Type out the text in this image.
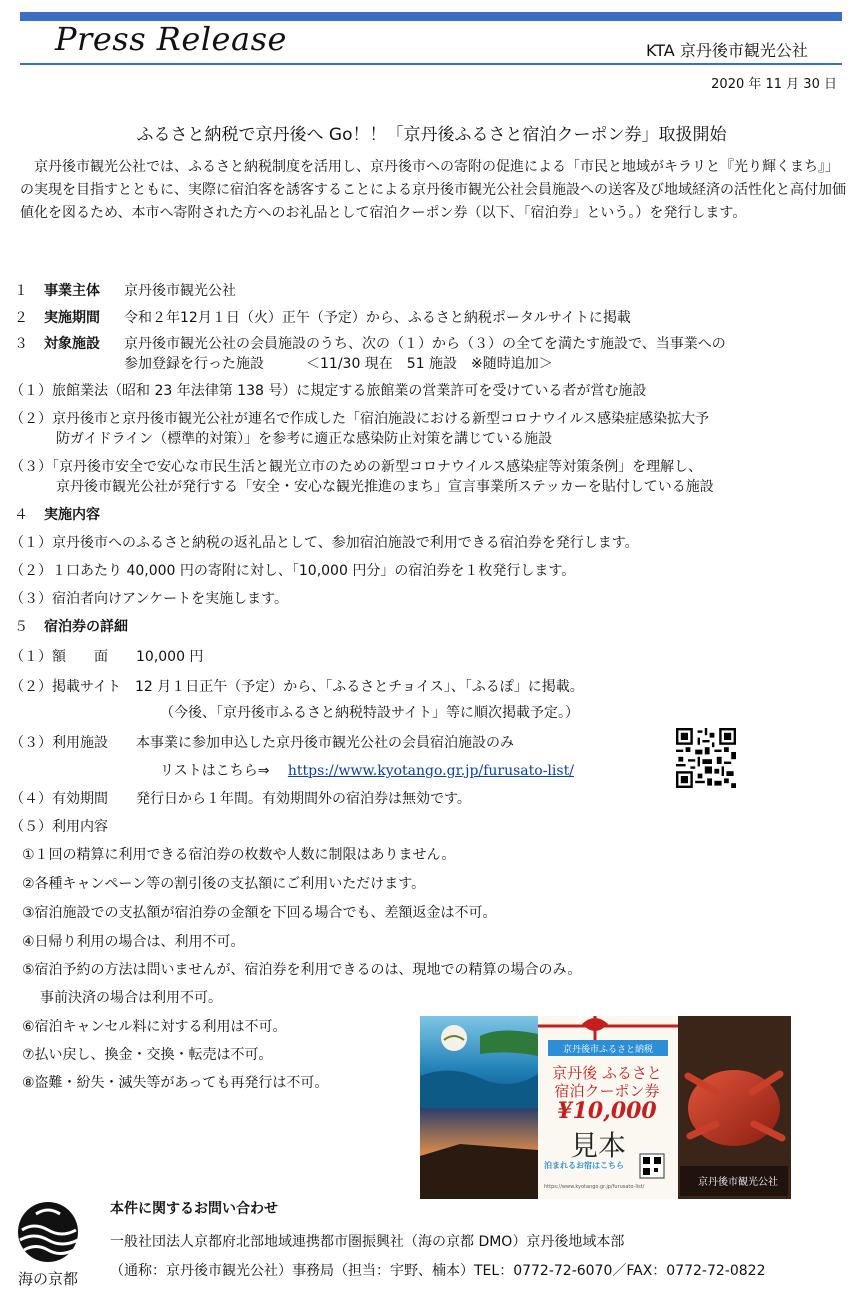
Press Release	KTA 京丹後市観光公社
2020 年 11 月 30 日
ふるさと納税で京丹後へ Go！！「京丹後ふるさと宿泊クーポン券」取扱開始
京丹後市観光公社では、ふるさと納税制度を活用し、京丹後市への寄附の促進による「市民と地域がキラリと『光り輝くまち』」の実現を目指すとともに、実際に宿泊客を誘客することによる京丹後市観光公社会員施設への送客及び地域経済の活性化と高付加価値化を図るため、本市へ寄附された方へのお礼品として宿泊クーポン券（以下、「宿泊券」という。）を発行します。
１ 事業主体 京丹後市観光公社
２ 実施期間 令和２年12月１日（火）正午（予定）から、ふるさと納税ポータルサイトに掲載
３ 対象施設 京丹後市観光公社の会員施設のうち、次の（１）から（３）の全てを満たす施設で、当事業への
参加登録を行った施設　　　＜11/30 現在　51 施設　※随時追加＞
（１）旅館業法（昭和 23 年法律第 138 号）に規定する旅館業の営業許可を受けている者が営む施設
（２）京丹後市と京丹後市観光公社が連名で作成した「宿泊施設における新型コロナウイルス感染症感染拡大予
防ガイドライン（標準的対策）」を参考に適正な感染防止対策を講じている施設
（３）「京丹後市安全で安心な市民生活と観光立市のための新型コロナウイルス感染症等対策条例」を理解し、
京丹後市観光公社が発行する「安全・安心な観光推進のまち」宣言事業所ステッカーを貼付している施設
４ 実施内容
（１）京丹後市へのふるさと納税の返礼品として、参加宿泊施設で利用できる宿泊券を発行します。
（２）１口あたり 40,000 円の寄附に対し、「10,000 円分」の宿泊券を１枚発行します。
（３）宿泊者向けアンケートを実施します。
５ 宿泊券の詳細
（１）額　　面　　10,000 円
（２）掲載サイト　12 月１日正午（予定）から、「ふるさとチョイス」、「ふるぽ」に掲載。
（今後、「京丹後市ふるさと納税特設サイト」等に順次掲載予定。）
（３）利用施設　　本事業に参加申込した京丹後市観光公社の会員宿泊施設のみ
リストはこちら⇒ https://www.kyotango.gr.jp/furusato-list/
（４）有効期間　　発行日から１年間。有効期間外の宿泊券は無効です。
（５）利用内容
①１回の精算に利用できる宿泊券の枚数や人数に制限はありません。
②各種キャンペーン等の割引後の支払額にご利用いただけます。
③宿泊施設での支払額が宿泊券の金額を下回る場合でも、差額返金は不可。
④日帰り利用の場合は、利用不可。
⑤宿泊予約の方法は問いませんが、宿泊券を利用できるのは、現地での精算の場合のみ。
事前決済の場合は利用不可。
⑥宿泊キャンセル料に対する利用は不可。
⑦払い戻し、換金・交換・転売は不可。
⑧盗難・紛失・滅失等があっても再発行は不可。
京丹後市ふるさと納税
京丹後 ふるさと
宿泊クーポン券
¥10,000
見本
泊まれるお宿はこちら
https://www.kyotango.gr.jp/furusato-list/	京丹後市観光公社
海の京都
本件に関するお問い合わせ
一般社団法人京都府北部地域連携都市圏振興社（海の京都 DMO）京丹後地域本部
（通称：京丹後市観光公社）事務局（担当：宇野、楠本）TEL：0772-72-6070／FAX：0772-72-0822
